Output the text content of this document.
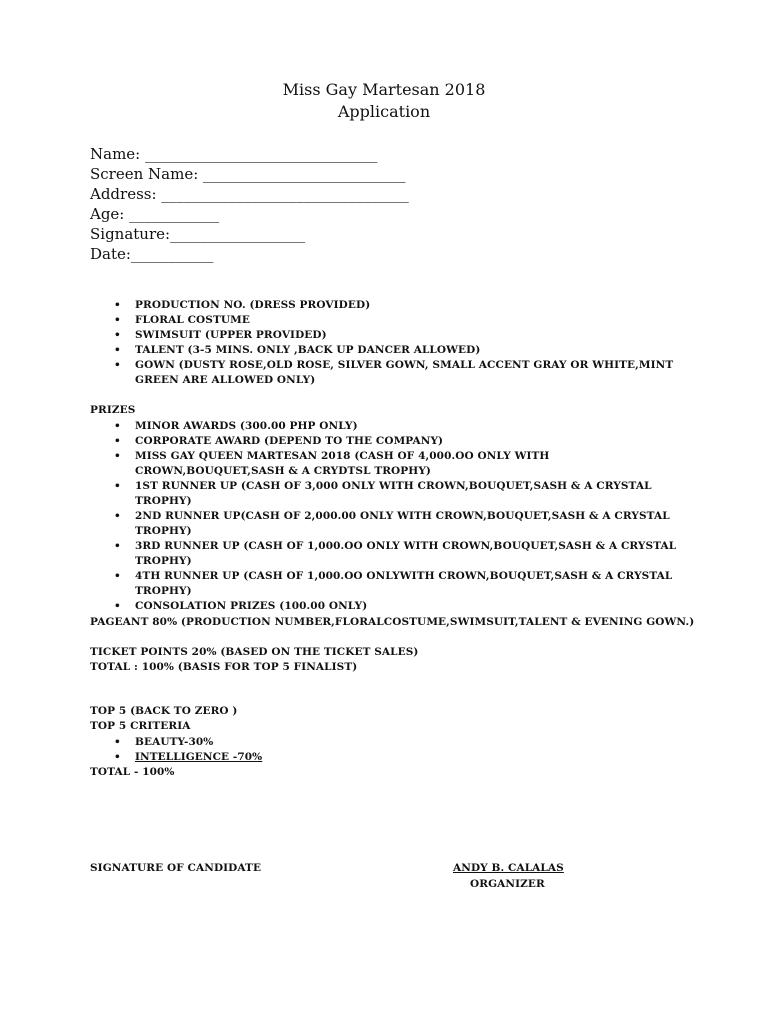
Miss Gay Martesan 2018
Application
Name: _______________________________
Screen Name: ___________________________
Address: _________________________________
Age: ____________
Signature:__________________
Date:___________
• PRODUCTION NO. (DRESS PROVIDED)
• FLORAL COSTUME
• SWIMSUIT (UPPER PROVIDED)
• TALENT (3-5 MINS. ONLY ,BACK UP DANCER ALLOWED)
• GOWN (DUSTY ROSE,OLD ROSE, SILVER GOWN, SMALL ACCENT GRAY OR WHITE,MINT GREEN ARE ALLOWED ONLY)
PRIZES
• MINOR AWARDS (300.00 PHP ONLY)
• CORPORATE AWARD (DEPEND TO THE COMPANY)
• MISS GAY QUEEN MARTESAN 2018 (CASH OF 4,000.OO ONLY WITH CROWN,BOUQUET,SASH & A CRYDTSL TROPHY)
• 1ST RUNNER UP (CASH OF 3,000 ONLY WITH CROWN,BOUQUET,SASH & A CRYSTAL TROPHY)
• 2ND RUNNER UP(CASH OF 2,000.00 ONLY WITH CROWN,BOUQUET,SASH & A CRYSTAL TROPHY)
• 3RD RUNNER UP (CASH OF 1,000.OO ONLY WITH CROWN,BOUQUET,SASH & A CRYSTAL TROPHY)
• 4TH RUNNER UP (CASH OF 1,000.OO ONLYWITH CROWN,BOUQUET,SASH & A CRYSTAL TROPHY)
• CONSOLATION PRIZES (100.00 ONLY)
PAGEANT 80% (PRODUCTION NUMBER,FLORALCOSTUME,SWIMSUIT,TALENT & EVENING GOWN.)
TICKET POINTS 20% (BASED ON THE TICKET SALES)
TOTAL : 100% (BASIS FOR TOP 5 FINALIST)
TOP 5 (BACK TO ZERO )
TOP 5 CRITERIA
• BEAUTY-30%
• INTELLIGENCE -70%
TOTAL - 100%
SIGNATURE OF CANDIDATE	ANDY B. CALALAS
ORGANIZER
